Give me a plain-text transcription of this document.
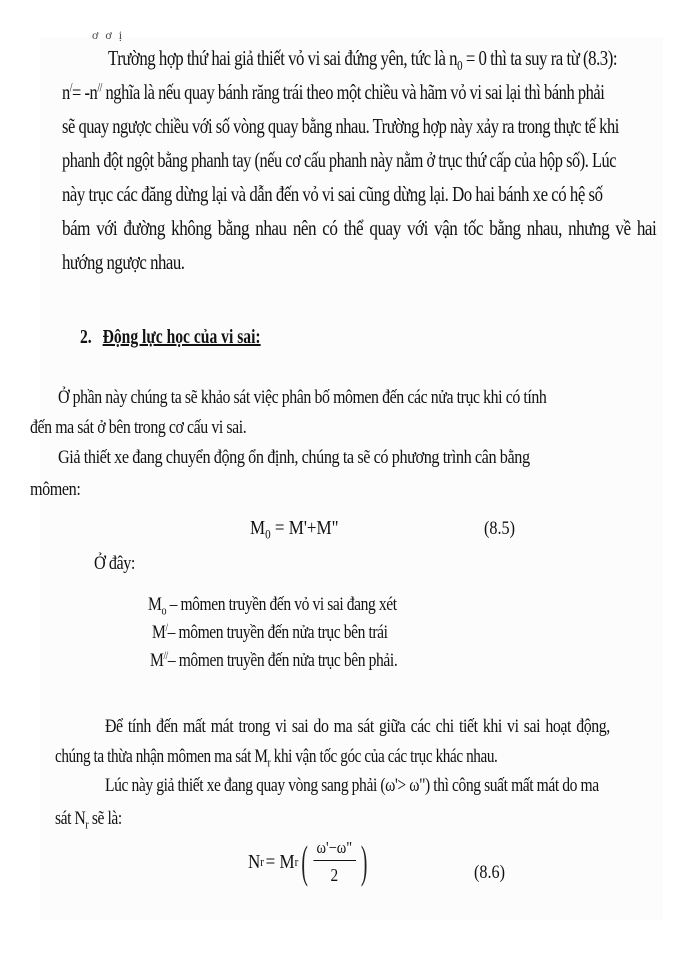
ơ ơ ị
Trường hợp thứ hai giả thiết vỏ vi sai đứng yên, tức là $n_0 = 0$ thì ta suy ra từ (8.3):
n/= -n// nghĩa là nếu quay bánh răng trái theo một chiều và hãm vỏ vi sai lại thì bánh phải
sẽ quay ngược chiều với số vòng quay bằng nhau. Trường hợp này xảy ra trong thực tế khi
phanh đột ngột bằng phanh tay (nếu cơ cấu phanh này nằm ở trục thứ cấp của hộp số). Lúc
này trục các đăng dừng lại và dẫn đến vỏ vi sai cũng dừng lại. Do hai bánh xe có hệ số
bám với đường không bằng nhau nên có thể quay với vận tốc bằng nhau, nhưng về hai
hướng ngược nhau.
2. Động lực học của vi sai:
Ở phần này chúng ta sẽ khảo sát việc phân bố mômen đến các nửa trục khi có tính
đến ma sát ở bên trong cơ cấu vi sai.
Giả thiết xe đang chuyển động ổn định, chúng ta sẽ có phương trình cân bằng
mômen:
$M_0 = M'+M$"	(8.5)
Ở đây:
$M_o$ – mômen truyền đến vỏ vi sai đang xét
M/– mômen truyền đến nửa trục bên trái
M//– mômen truyền đến nửa trục bên phải.
Để tính đến mất mát trong vi sai do ma sát giữa các chi tiết khi vi sai hoạt động,
chúng ta thừa nhận mômen ma sát $M_r$ khi vận tốc góc của các trục khác nhau.
Lúc này giả thiết xe đang quay vòng sang phải (ω'> ω") thì công suất mất mát do ma
sát $N_r$ sẽ là:
N r = M r ( $\frac{\omega'-\omega"}{2}$ )	(8.6)
